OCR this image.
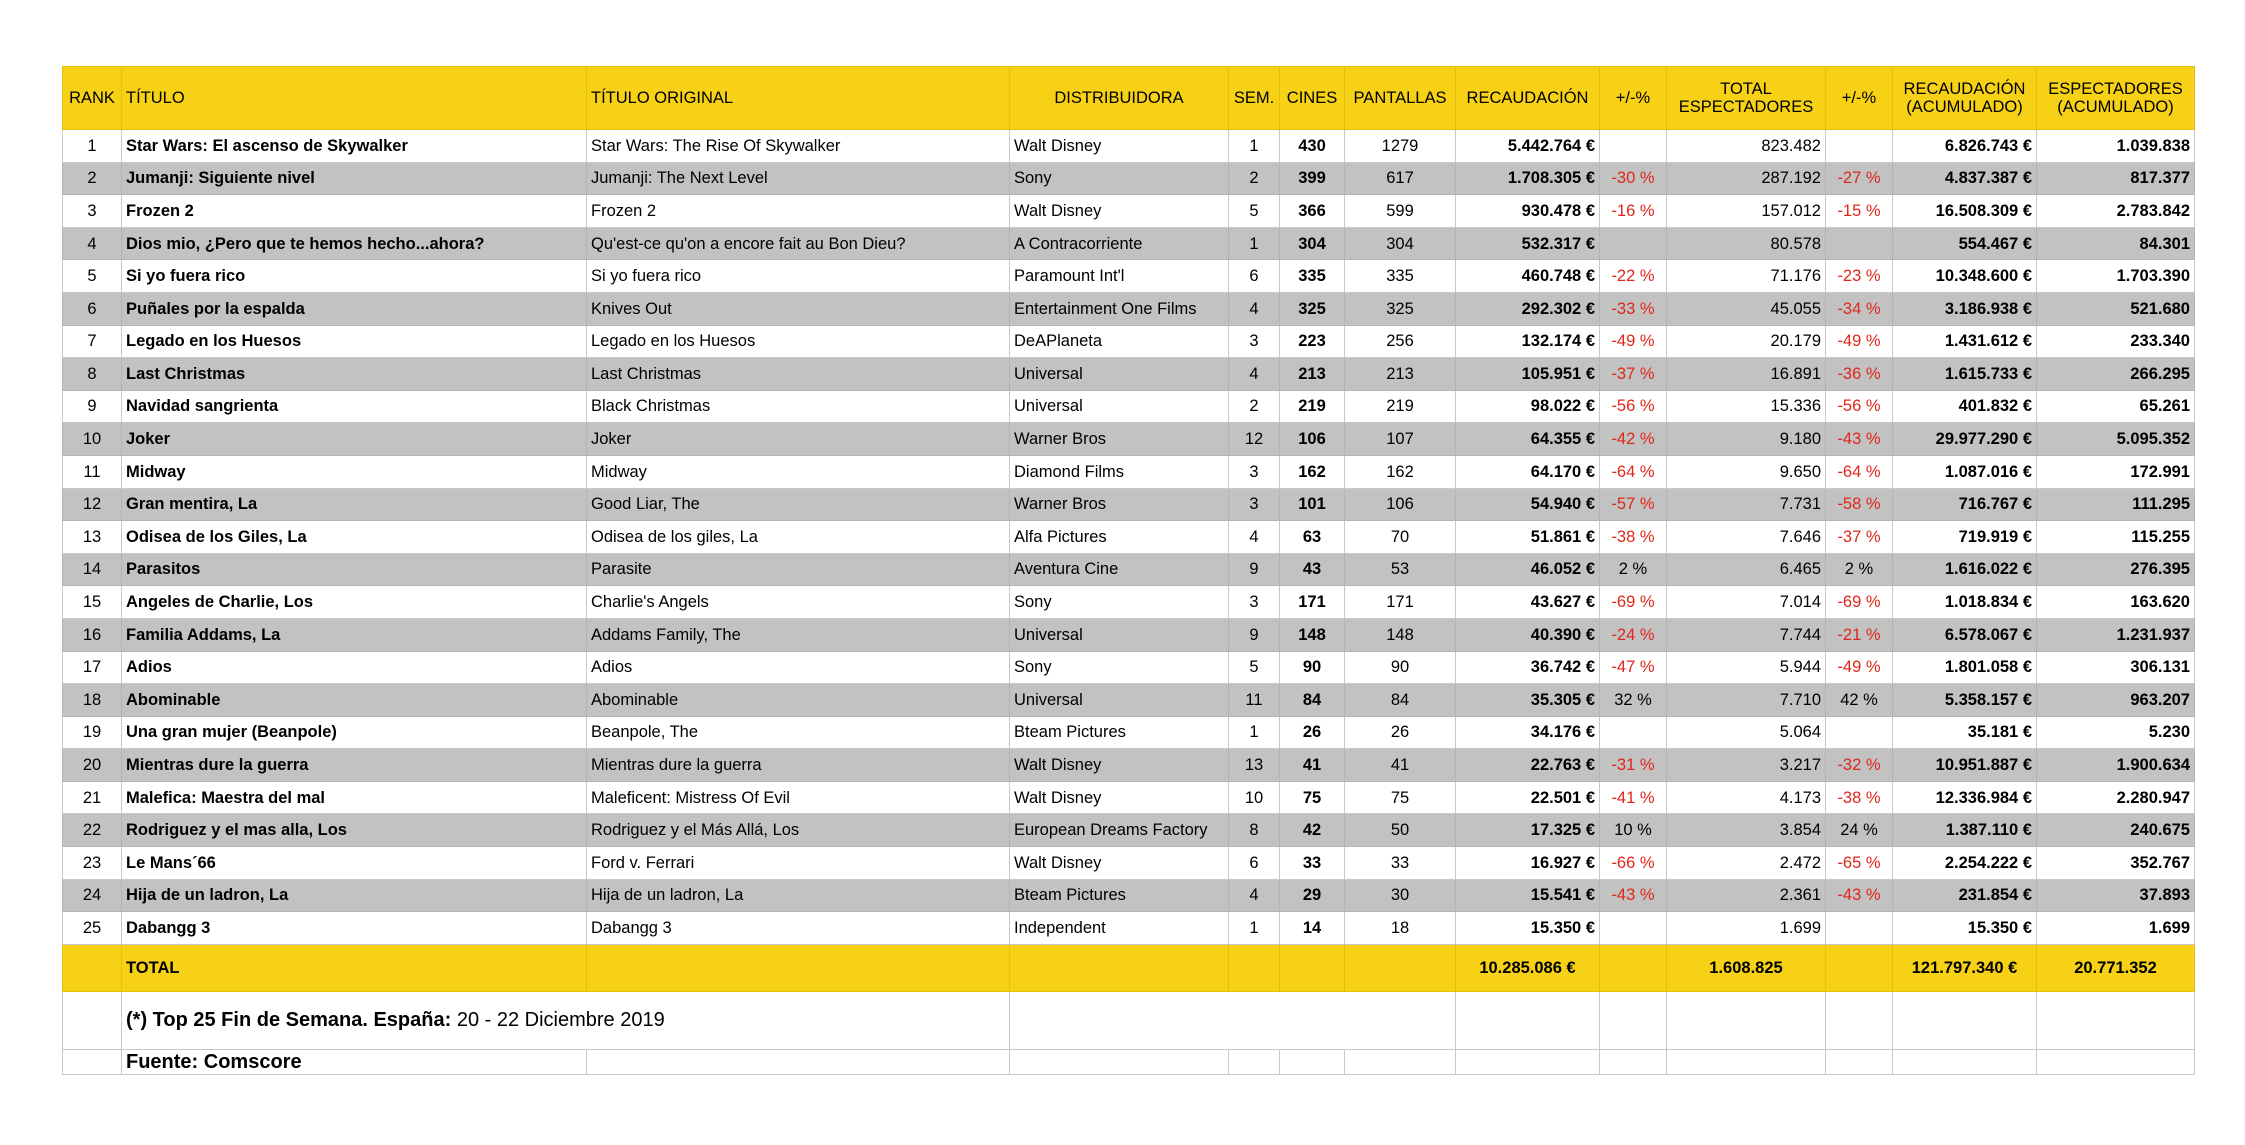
RANK	TÍTULO	TÍTULO ORIGINAL	DISTRIBUIDORA	SEM.	CINES	PANTALLAS	RECAUDACIÓN	+/-%	TOTAL ESPECTADORES	+/-%	RECAUDACIÓN (ACUMULADO)	ESPECTADORES (ACUMULADO)
1	Star Wars: El ascenso de Skywalker	Star Wars: The Rise Of Skywalker	Walt Disney	1	430	1279	5.442.764 €		823.482		6.826.743 €	1.039.838
2	Jumanji: Siguiente nivel	Jumanji: The Next Level	Sony	2	399	617	1.708.305 €	-30 %	287.192	-27 %	4.837.387 €	817.377
3	Frozen 2	Frozen 2	Walt Disney	5	366	599	930.478 €	-16 %	157.012	-15 %	16.508.309 €	2.783.842
4	Dios mio, ¿Pero que te hemos hecho...ahora?	Qu'est-ce qu'on a encore fait au Bon Dieu?	A Contracorriente	1	304	304	532.317 €		80.578		554.467 €	84.301
5	Si yo fuera rico	Si yo fuera rico	Paramount Int'l	6	335	335	460.748 €	-22 %	71.176	-23 %	10.348.600 €	1.703.390
6	Puñales por la espalda	Knives Out	Entertainment One Films	4	325	325	292.302 €	-33 %	45.055	-34 %	3.186.938 €	521.680
7	Legado en los Huesos	Legado en los Huesos	DeAPlaneta	3	223	256	132.174 €	-49 %	20.179	-49 %	1.431.612 €	233.340
8	Last Christmas	Last Christmas	Universal	4	213	213	105.951 €	-37 %	16.891	-36 %	1.615.733 €	266.295
9	Navidad sangrienta	Black Christmas	Universal	2	219	219	98.022 €	-56 %	15.336	-56 %	401.832 €	65.261
10	Joker	Joker	Warner Bros	12	106	107	64.355 €	-42 %	9.180	-43 %	29.977.290 €	5.095.352
11	Midway	Midway	Diamond Films	3	162	162	64.170 €	-64 %	9.650	-64 %	1.087.016 €	172.991
12	Gran mentira, La	Good Liar, The	Warner Bros	3	101	106	54.940 €	-57 %	7.731	-58 %	716.767 €	111.295
13	Odisea de los Giles, La	Odisea de los giles, La	Alfa Pictures	4	63	70	51.861 €	-38 %	7.646	-37 %	719.919 €	115.255
14	Parasitos	Parasite	Aventura Cine	9	43	53	46.052 €	2 %	6.465	2 %	1.616.022 €	276.395
15	Angeles de Charlie, Los	Charlie's Angels	Sony	3	171	171	43.627 €	-69 %	7.014	-69 %	1.018.834 €	163.620
16	Familia Addams, La	Addams Family, The	Universal	9	148	148	40.390 €	-24 %	7.744	-21 %	6.578.067 €	1.231.937
17	Adios	Adios	Sony	5	90	90	36.742 €	-47 %	5.944	-49 %	1.801.058 €	306.131
18	Abominable	Abominable	Universal	11	84	84	35.305 €	32 %	7.710	42 %	5.358.157 €	963.207
19	Una gran mujer (Beanpole)	Beanpole, The	Bteam Pictures	1	26	26	34.176 €		5.064		35.181 €	5.230
20	Mientras dure la guerra	Mientras dure la guerra	Walt Disney	13	41	41	22.763 €	-31 %	3.217	-32 %	10.951.887 €	1.900.634
21	Malefica: Maestra del mal	Maleficent: Mistress Of Evil	Walt Disney	10	75	75	22.501 €	-41 %	4.173	-38 %	12.336.984 €	2.280.947
22	Rodriguez y el mas alla, Los	Rodriguez y el Más Allá, Los	European Dreams Factory	8	42	50	17.325 €	10 %	3.854	24 %	1.387.110 €	240.675
23	Le Mans´66	Ford v. Ferrari	Walt Disney	6	33	33	16.927 €	-66 %	2.472	-65 %	2.254.222 €	352.767
24	Hija de un ladron, La	Hija de un ladron, La	Bteam Pictures	4	29	30	15.541 €	-43 %	2.361	-43 %	231.854 €	37.893
25	Dabangg 3	Dabangg 3	Independent	1	14	18	15.350 €		1.699		15.350 €	1.699
	TOTAL						10.285.086 €		1.608.825		121.797.340 €	20.771.352
	(*) Top 25 Fin de Semana. España: 20 - 22 Diciembre 2019											
	Fuente: Comscore											
